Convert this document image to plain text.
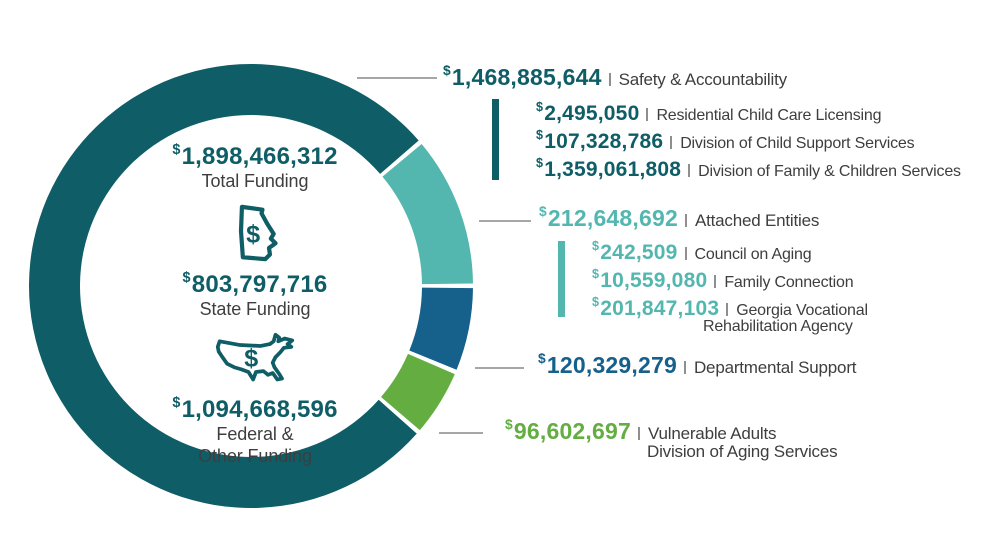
$1,898,466,312
Total Funding
$
$803,797,716
State Funding
$
$1,094,668,596
Federal &
Other Funding
$1,468,885,644 Safety & Accountability
$2,495,050 Residential Child Care Licensing
$107,328,786 Division of Child Support Services
$1,359,061,808 Division of Family & Children Services
$212,648,692 Attached Entities
$242,509 Council on Aging
$10,559,080 Family Connection
$201,847,103 Georgia Vocational
Rehabilitation Agency
$120,329,279 Departmental Support
$96,602,697 Vulnerable Adults
Division of Aging Services
